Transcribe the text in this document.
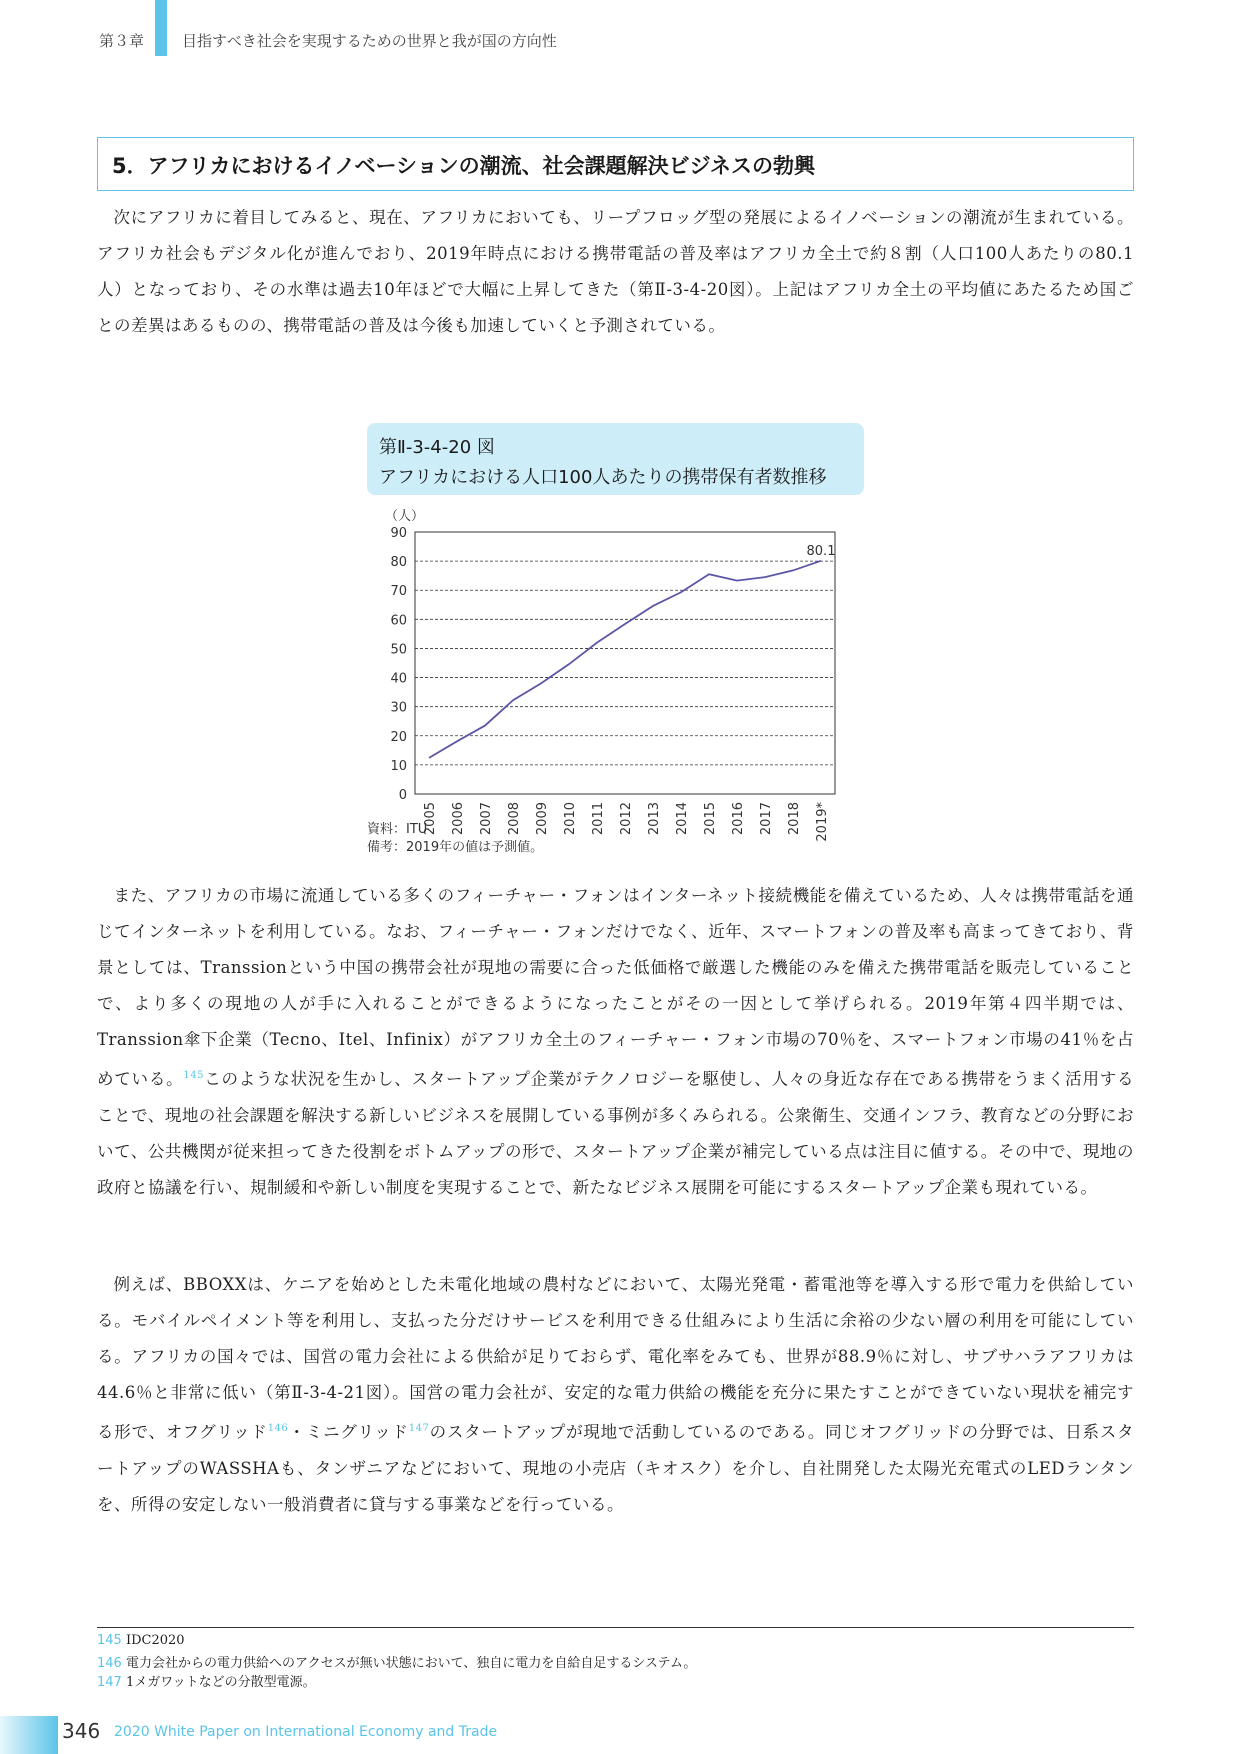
第３章	目指すべき社会を実現するための世界と我が国の方向性
5．アフリカにおけるイノベーションの潮流、社会課題解決ビジネスの勃興

次にアフリカに着目してみると、現在、アフリカにおいても、リープフロッグ型の発展によるイノベーションの潮流が生まれている。アフリカ社会もデジタル化が進んでおり、2019年時点における携帯電話の普及率はアフリカ全土で約８割（人口100人あたりの80.1人）となっており、その水準は過去10年ほどで大幅に上昇してきた（第Ⅱ-3-4-20図）。上記はアフリカ全土の平均値にあたるため国ごとの差異はあるものの、携帯電話の普及は今後も加速していくと予測されている。

第Ⅱ-3-4-20 図
アフリカにおける人口100人あたりの携帯保有者数推移
（人）
0
10
20
30
40
50
60
70
80
90
2005 2006 2007 2008 2009 2010 2011 2012 2013 2014 2015 2016 2017 2018 2019*
80.1
資料：ITU
備考：2019年の値は予測値。

また、アフリカの市場に流通している多くのフィーチャー・フォンはインターネット接続機能を備えているため、人々は携帯電話を通じてインターネットを利用している。なお、フィーチャー・フォンだけでなく、近年、スマートフォンの普及率も高まってきており、背景としては、Transsionという中国の携帯会社が現地の需要に合った低価格で厳選した機能のみを備えた携帯電話を販売していることで、より多くの現地の人が手に入れることができるようになったことがその一因として挙げられる。2019年第４四半期では、Transsion傘下企業（Tecno、Itel、Infinix）がアフリカ全土のフィーチャー・フォン市場の70％を、スマートフォン市場の41％を占めている。$^{145}$このような状況を生かし、スタートアップ企業がテクノロジーを駆使し、人々の身近な存在である携帯をうまく活用することで、現地の社会課題を解決する新しいビジネスを展開している事例が多くみられる。公衆衛生、交通インフラ、教育などの分野において、公共機関が従来担ってきた役割をボトムアップの形で、スタートアップ企業が補完している点は注目に値する。その中で、現地の政府と協議を行い、規制緩和や新しい制度を実現することで、新たなビジネス展開を可能にするスタートアップ企業も現れている。

例えば、BBOXXは、ケニアを始めとした未電化地域の農村などにおいて、太陽光発電・蓄電池等を導入する形で電力を供給している。モバイルペイメント等を利用し、支払った分だけサービスを利用できる仕組みにより生活に余裕の少ない層の利用を可能にしている。アフリカの国々では、国営の電力会社による供給が足りておらず、電化率をみても、世界が88.9％に対し、サブサハラアフリカは44.6％と非常に低い（第Ⅱ-3-4-21図）。国営の電力会社が、安定的な電力供給の機能を充分に果たすことができていない現状を補完する形で、オフグリッド$^{146}$・ミニグリッド$^{147}$のスタートアップが現地で活動しているのである。同じオフグリッドの分野では、日系スタートアップのWASSHAも、タンザニアなどにおいて、現地の小売店（キオスク）を介し、自社開発した太陽光充電式のLEDランタンを、所得の安定しない一般消費者に貸与する事業などを行っている。

145 IDC2020
146 電力会社からの電力供給へのアクセスが無い状態において、独自に電力を自給自足するシステム。
147 1メガワットなどの分散型電源。
346 2020 White Paper on International Economy and Trade
